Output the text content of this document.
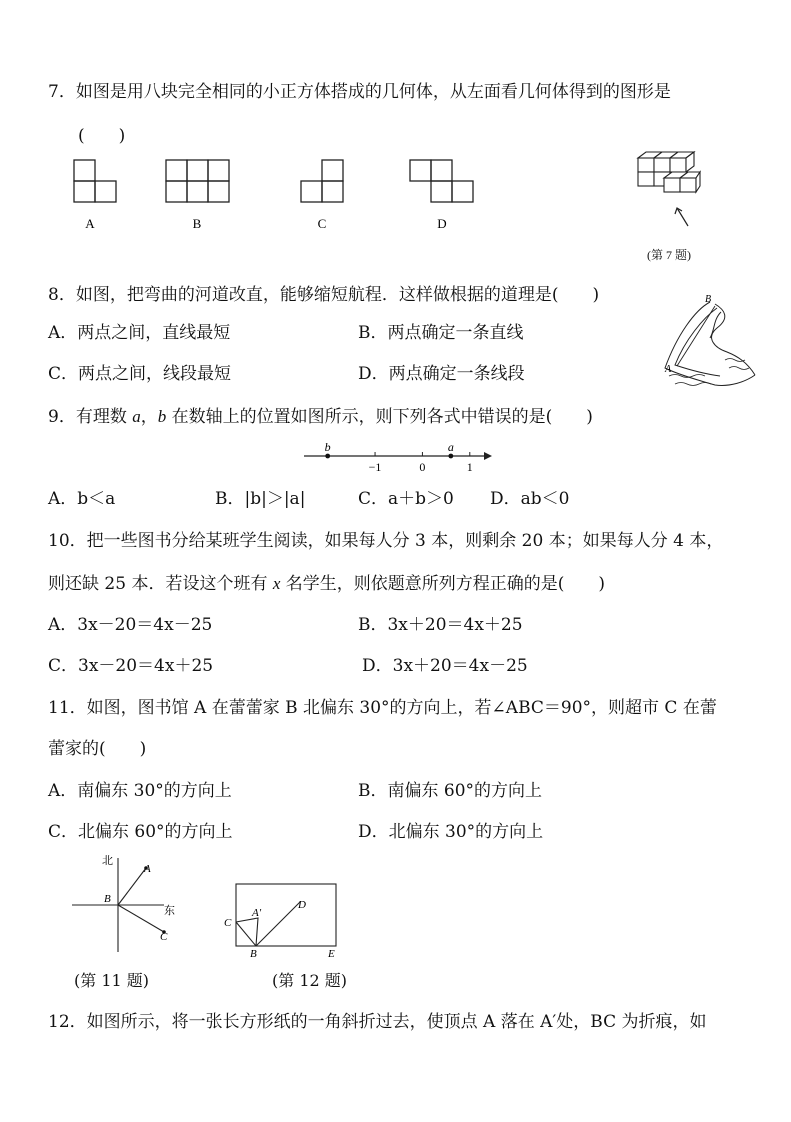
7．如图是用八块完全相同的小正方体搭成的几何体，从左面看几何体得到的图形是
(　　)
A	B	C	D
(第 7 题)
8．如图，把弯曲的河道改直，能够缩短航程．这样做根据的道理是(　　)
A．两点之间，直线最短	B．两点确定一条直线
C．两点之间，线段最短	D．两点确定一条线段
B
A
9．有理数 a，b 在数轴上的位置如图所示，则下列各式中错误的是(　　)
−1	0	1
b	a
A．b＜a	B．|b|＞|a|	C．a＋b＞0 D．ab＜0
10．把一些图书分给某班学生阅读，如果每人分 3 本，则剩余 20 本；如果每人分 4 本，
则还缺 25 本．若设这个班有 x 名学生，则依题意所列方程正确的是(　　)
A．3x－20＝4x－25	B．3x＋20＝4x＋25
C．3x－20＝4x＋25	D．3x＋20＝4x－25
11．如图，图书馆 A 在蕾蕾家 B 北偏东 30°的方向上，若∠ABC＝90°，则超市 C 在蕾
蕾家的(　　)
A．南偏东 30°的方向上	B．南偏东 60°的方向上
C．北偏东 60°的方向上	D．北偏东 30°的方向上
北
东
A
B
C
A′
B
C
D
E
(第 11 题)	(第 12 题)
12．如图所示，将一张长方形纸的一角斜折过去，使顶点 A 落在 A′处，BC 为折痕，如
